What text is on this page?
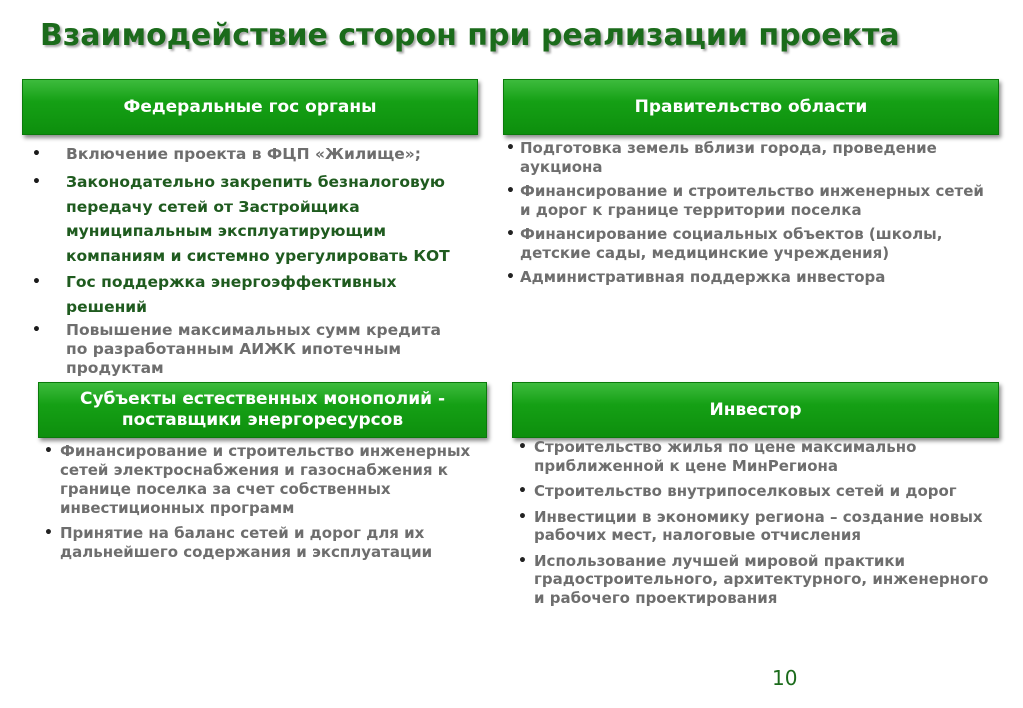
Взаимодействие сторон при реализации проекта
Федеральные гос органы
• Включение проекта в ФЦП «Жилище»;
• Законодательно закрепить безналоговую передачу сетей от Застройщика муниципальным эксплуатирующим компаниям и системно урегулировать КОТ
• Гос поддержка энергоэффективных решений
• Повышение максимальных сумм кредита по разработанным АИЖК ипотечным продуктам
Правительство области
• Подготовка земель вблизи города, проведение аукциона
• Финансирование и строительство инженерных сетей и дорог к границе территории поселка
• Финансирование социальных объектов (школы, детские сады, медицинские учреждения)
• Административная поддержка инвестора
Субъекты естественных монополий -
поставщики энергоресурсов
• Финансирование и строительство инженерных сетей электроснабжения и газоснабжения к границе поселка за счет собственных инвестиционных программ
• Принятие на баланс сетей и дорог для их дальнейшего содержания и эксплуатации
Инвестор
• Строительство жилья по цене максимально приближенной к цене МинРегиона
• Строительство внутрипоселковых сетей и дорог
• Инвестиции в экономику региона – создание новых рабочих мест, налоговые отчисления
• Использование лучшей мировой практики градостроительного, архитектурного, инженерного и рабочего проектирования
10
